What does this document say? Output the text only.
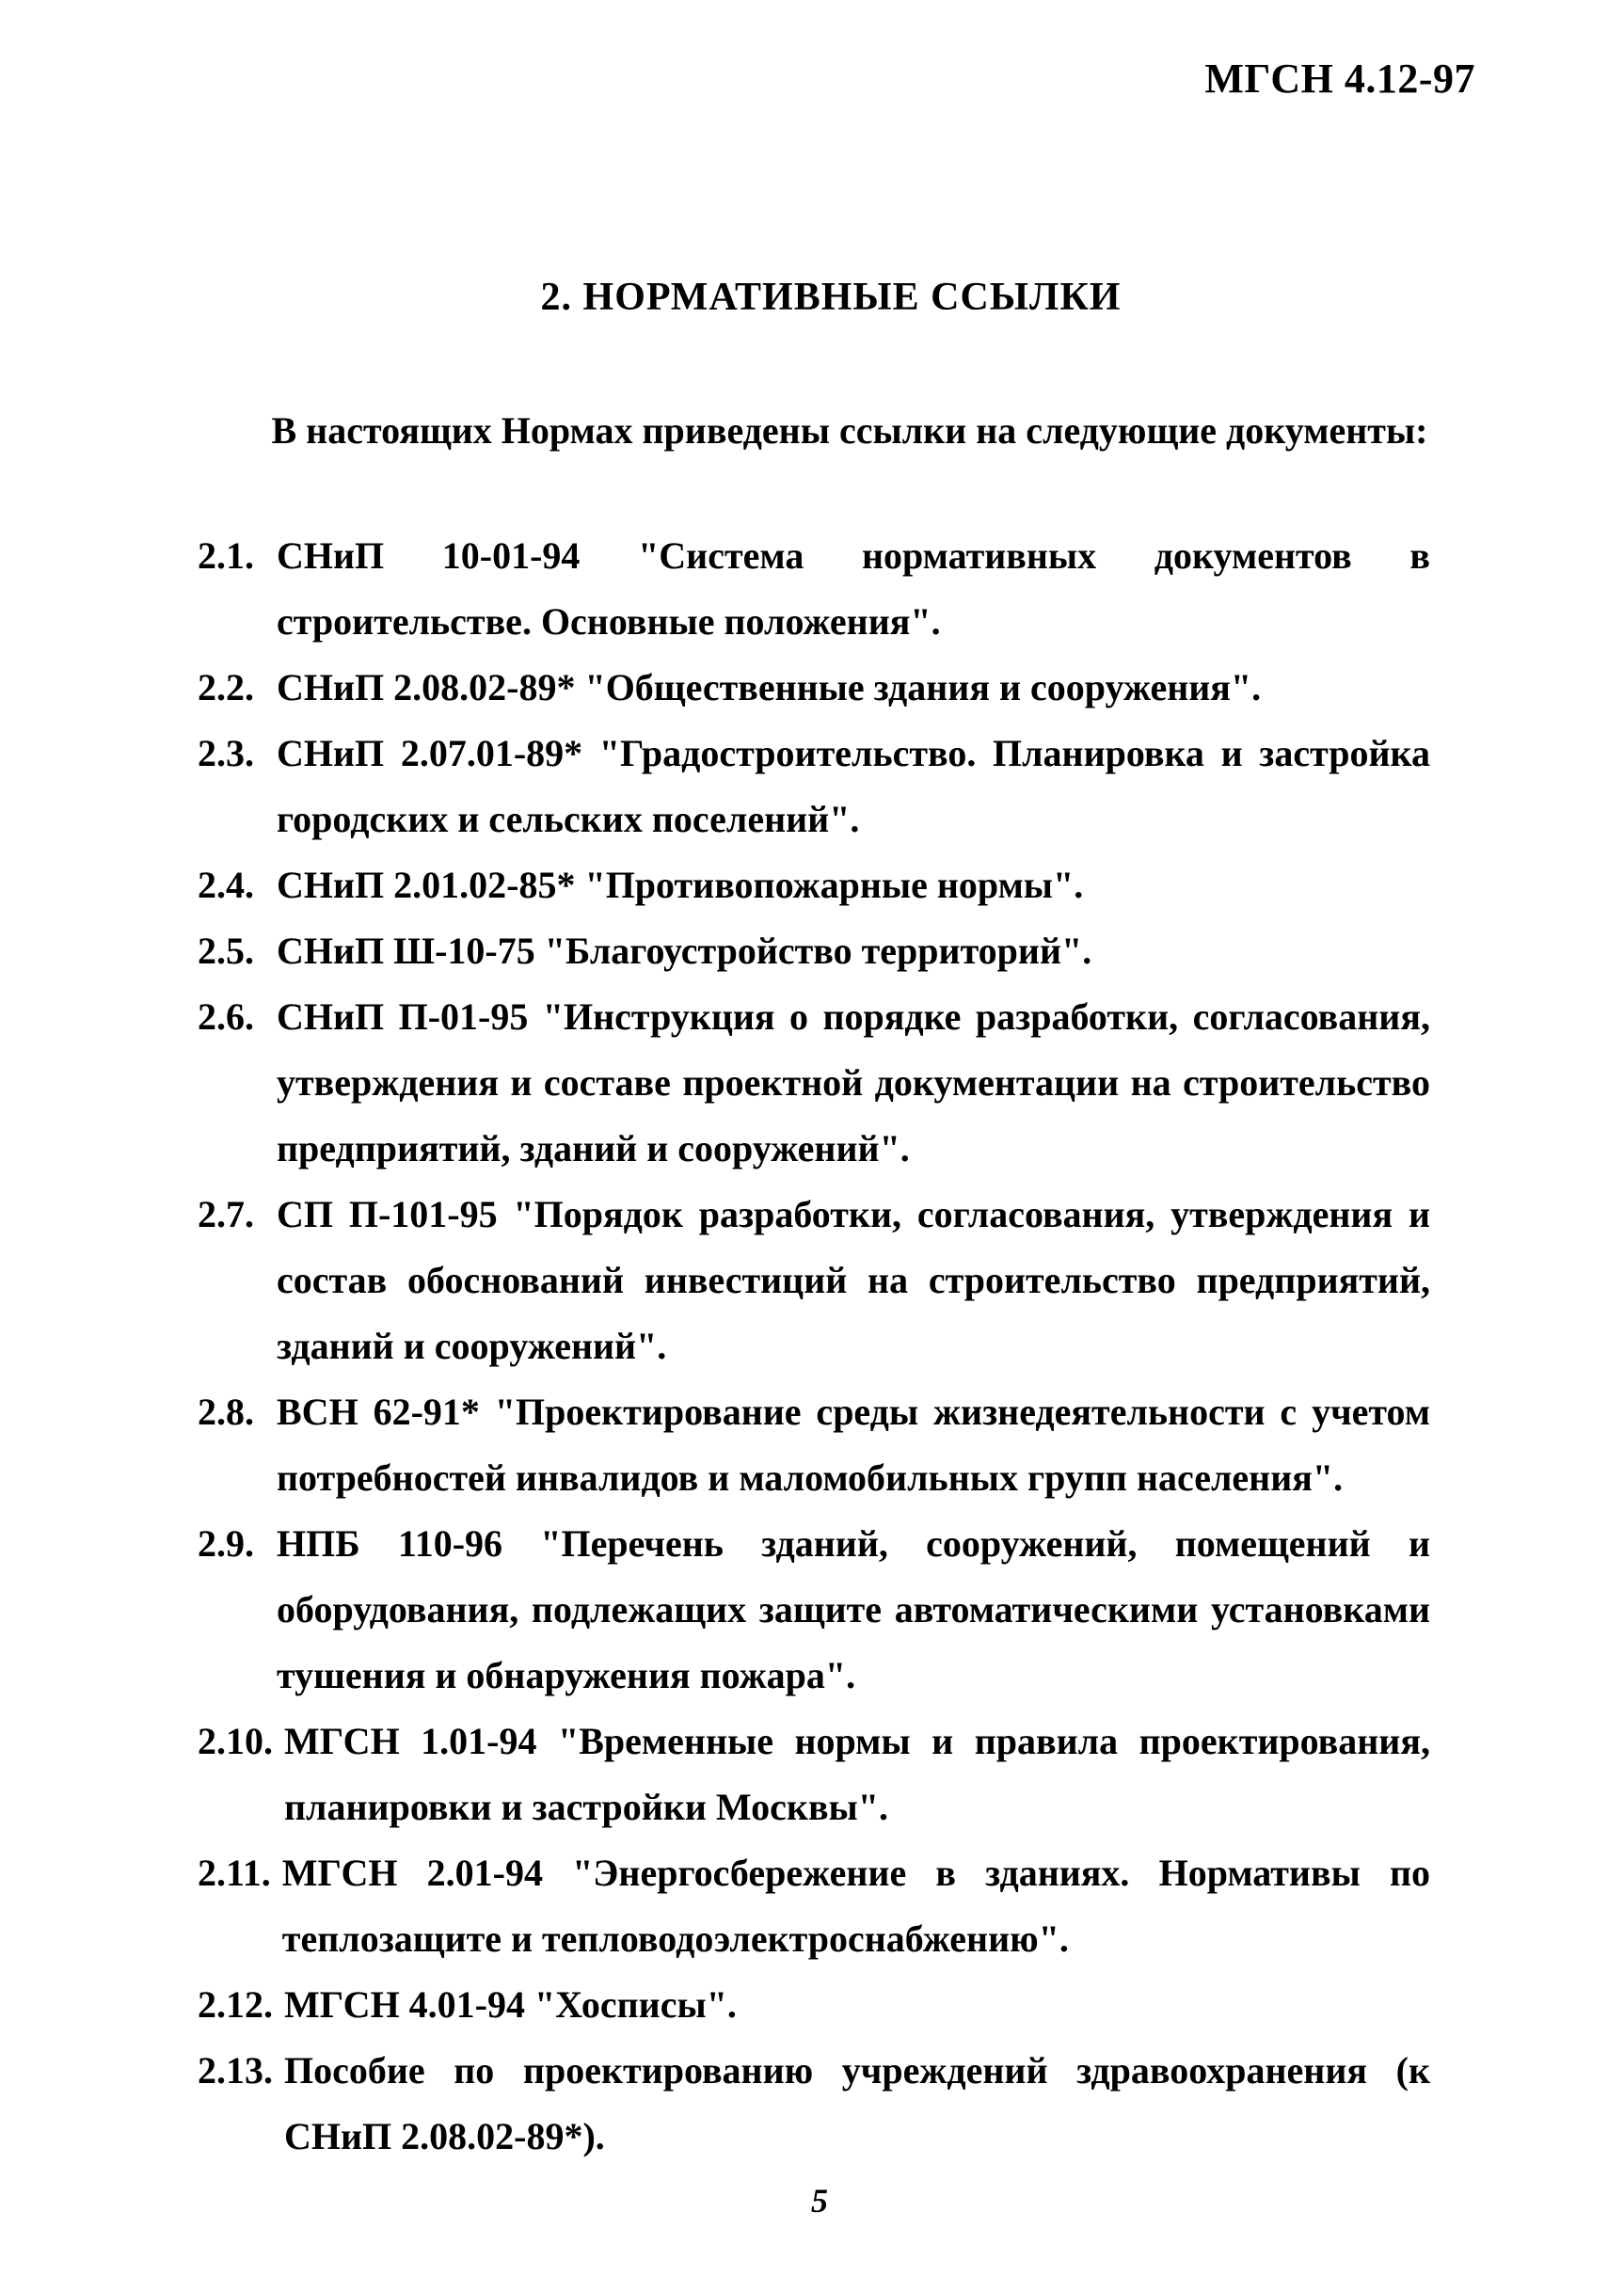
МГСН 4.12-97
2. НОРМАТИВНЫЕ ССЫЛКИ
В настоящих Нормах приведены ссылки на следующие документы:
2.1. СНиП 10-01-94 "Система нормативных документов в строительстве. Основные положения".
2.2. СНиП 2.08.02-89* "Общественные здания и сооружения".
2.3. СНиП 2.07.01-89* "Градостроительство. Планировка и застройка городских и сельских поселений".
2.4. СНиП 2.01.02-85* "Противопожарные нормы".
2.5. СНиП Ш-10-75 "Благоустройство территорий".
2.6. СНиП П-01-95 "Инструкция о порядке разработки, согласования, утверждения и составе проектной документации на строительство предприятий, зданий и сооружений".
2.7. СП П-101-95 "Порядок разработки, согласования, утверждения и состав обоснований инвестиций на строительство предприятий, зданий и сооружений".
2.8. ВСН 62-91* "Проектирование среды жизнедеятельности с учетом потребностей инвалидов и маломобильных групп населения".
2.9. НПБ 110-96 "Перечень зданий, сооружений, помещений и оборудования, подлежащих защите автоматическими установками тушения и обнаружения пожара".
2.10. МГСН 1.01-94 "Временные нормы и правила проектирования, планировки и застройки Москвы".
2.11. МГСН 2.01-94 "Энергосбережение в зданиях. Нормативы по теплозащите и тепловодоэлектроснабжению".
2.12. МГСН 4.01-94 "Хосписы".
2.13. Пособие по проектированию учреждений здравоохранения (к СНиП 2.08.02-89*).
5
